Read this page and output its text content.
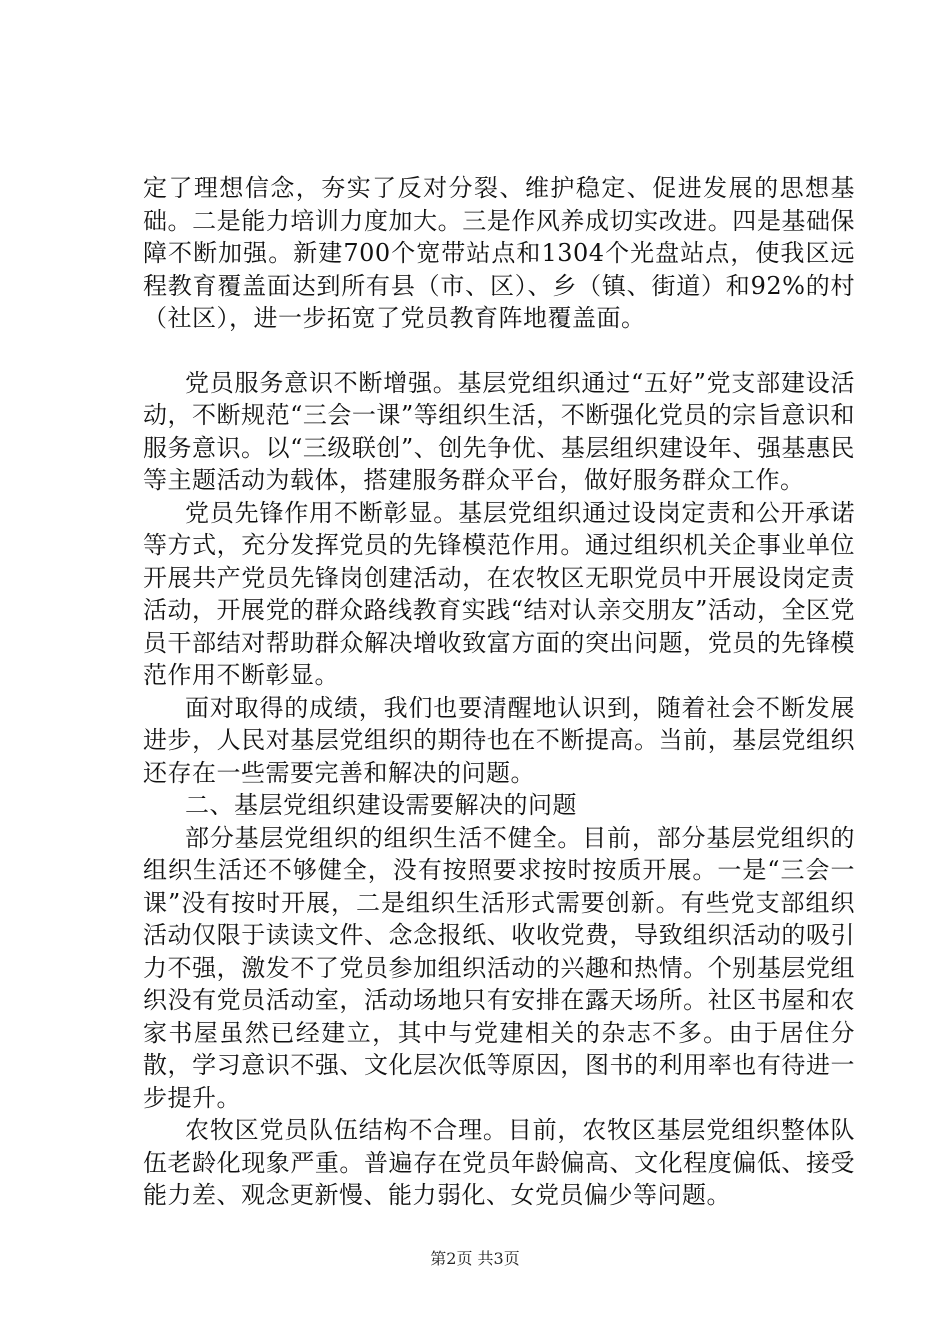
定了理想信念，夯实了反对分裂、维护稳定、促进发展的思想基础。二是能力培训力度加大。三是作风养成切实改进。四是基础保障不断加强。新建700个宽带站点和1304个光盘站点，使我区远程教育覆盖面达到所有县（市、区）、乡（镇、街道）和92%的村（社区），进一步拓宽了党员教育阵地覆盖面。

党员服务意识不断增强。基层党组织通过“五好”党支部建设活动，不断规范“三会一课”等组织生活，不断强化党员的宗旨意识和服务意识。以“三级联创”、创先争优、基层组织建设年、强基惠民等主题活动为载体，搭建服务群众平台，做好服务群众工作。

党员先锋作用不断彰显。基层党组织通过设岗定责和公开承诺等方式，充分发挥党员的先锋模范作用。通过组织机关企事业单位开展共产党员先锋岗创建活动，在农牧区无职党员中开展设岗定责活动，开展党的群众路线教育实践“结对认亲交朋友”活动，全区党员干部结对帮助群众解决增收致富方面的突出问题，党员的先锋模范作用不断彰显。

面对取得的成绩，我们也要清醒地认识到，随着社会不断发展进步，人民对基层党组织的期待也在不断提高。当前，基层党组织还存在一些需要完善和解决的问题。

二、基层党组织建设需要解决的问题

部分基层党组织的组织生活不健全。目前，部分基层党组织的组织生活还不够健全，没有按照要求按时按质开展。一是“三会一课”没有按时开展，二是组织生活形式需要创新。有些党支部组织活动仅限于读读文件、念念报纸、收收党费，导致组织活动的吸引力不强，激发不了党员参加组织活动的兴趣和热情。个别基层党组织没有党员活动室，活动场地只有安排在露天场所。社区书屋和农家书屋虽然已经建立，其中与党建相关的杂志不多。由于居住分散，学习意识不强、文化层次低等原因，图书的利用率也有待进一步提升。

农牧区党员队伍结构不合理。目前，农牧区基层党组织整体队伍老龄化现象严重。普遍存在党员年龄偏高、文化程度偏低、接受能力差、观念更新慢、能力弱化、女党员偏少等问题。

第2页 共3页
